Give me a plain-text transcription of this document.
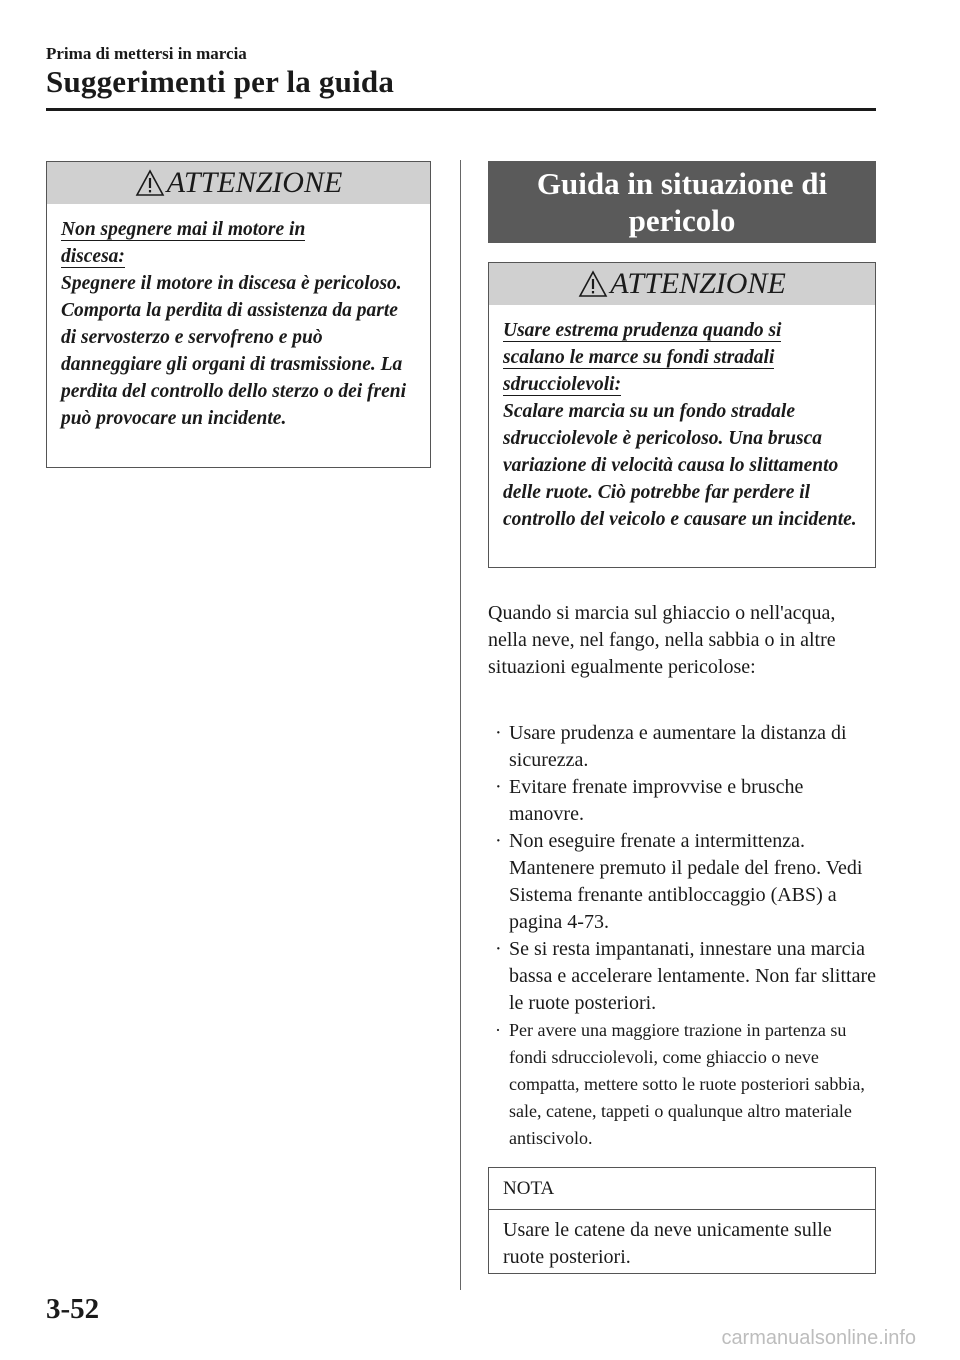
Prima di mettersi in marcia
Suggerimenti per la guida
ATTENZIONE

Non spegnere mai il motore in

discesa:

Spegnere il motore in discesa è pericoloso. Comporta la perdita di assistenza da parte di servosterzo e servofreno e può danneggiare gli organi di trasmissione. La perdita del controllo dello sterzo o dei freni può provocare un incidente.

Guida in situazione di
pericolo
ATTENZIONE

Usare estrema prudenza quando si

scalano le marce su fondi stradali

sdrucciolevoli:

Scalare marcia su un fondo stradale sdrucciolevole è pericoloso. Una brusca variazione di velocità causa lo slittamento delle ruote. Ciò potrebbe far perdere il controllo del veicolo e causare un incidente.

Quando si marcia sul ghiaccio o nell'acqua, nella neve, nel fango, nella sabbia o in altre situazioni egualmente pericolose:
· Usare prudenza e aumentare la distanza di sicurezza.
· Evitare frenate improvvise e brusche manovre.
· Non eseguire frenate a intermittenza. Mantenere premuto il pedale del freno. Vedi Sistema frenante antibloccaggio (ABS) a pagina 4-73.
· Se si resta impantanati, innestare una marcia bassa e accelerare lentamente. Non far slittare le ruote posteriori.
· Per avere una maggiore trazione in partenza su fondi sdrucciolevoli, come ghiaccio o neve compatta, mettere sotto le ruote posteriori sabbia, sale, catene, tappeti o qualunque altro materiale antiscivolo.
NOTA
Usare le catene da neve unicamente sulle ruote posteriori.
3-52
carmanualsonline.info
